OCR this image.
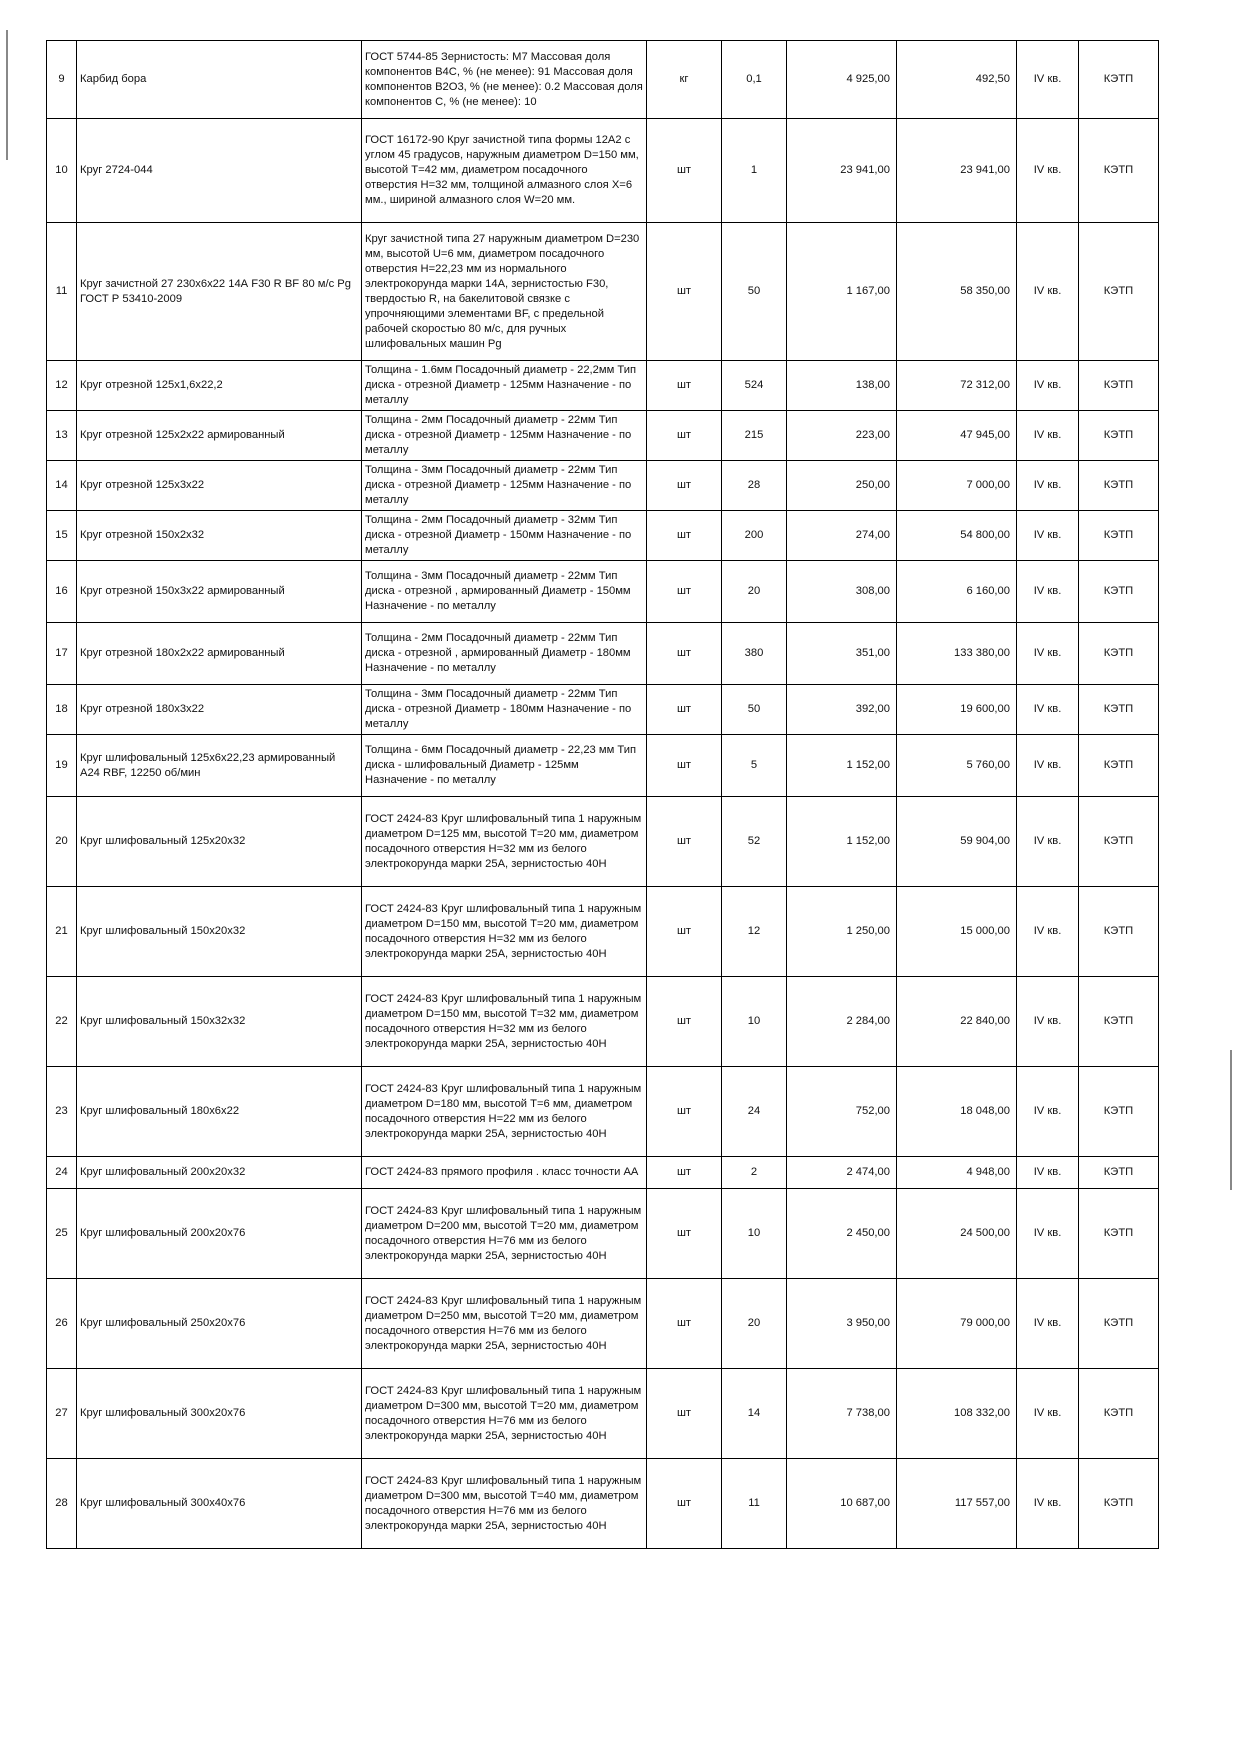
9	Карбид бора	ГОСТ 5744-85 Зернистость: М7 Массовая доля компонентов В4С, % (не менее): 91 Массовая доля компонентов В2О3, % (не менее): 0.2 Массовая доля компонентов С, % (не менее): 10	кг	0,1	4 925,00	492,50	IV кв.	КЭТП
10	Круг 2724-044	ГОСТ 16172-90 Круг зачистной типа формы 12А2 с углом 45 градусов, наружным диаметром D=150 мм, высотой Т=42 мм, диаметром посадочного отверстия Н=32 мм, толщиной алмазного слоя Х=6 мм., шириной алмазного слоя W=20 мм.	шт	1	23 941,00	23 941,00	IV кв.	КЭТП
11	Круг зачистной 27 230х6х22 14А F30 R BF 80 м/с Pg ГОСТ Р 53410-2009	Круг зачистной типа 27 наружным диаметром D=230 мм, высотой U=6 мм, диаметром посадочного отверстия H=22,23 мм из нормального электрокорунда марки 14А, зернистостью F30, твердостью R, на бакелитовой связке с упрочняющими элементами BF, с предельной рабочей скоростью 80 м/с, для ручных шлифовальных машин Pg	шт	50	1 167,00	58 350,00	IV кв.	КЭТП
12	Круг отрезной 125х1,6х22,2	Толщина - 1.6мм Посадочный диаметр - 22,2мм Тип диска - отрезной Диаметр - 125мм Назначение - по металлу	шт	524	138,00	72 312,00	IV кв.	КЭТП
13	Круг отрезной 125х2х22 армированный	Толщина - 2мм Посадочный диаметр - 22мм Тип диска - отрезной Диаметр - 125мм Назначение - по металлу	шт	215	223,00	47 945,00	IV кв.	КЭТП
14	Круг отрезной 125х3х22	Толщина - 3мм Посадочный диаметр - 22мм Тип диска - отрезной Диаметр - 125мм Назначение - по металлу	шт	28	250,00	7 000,00	IV кв.	КЭТП
15	Круг отрезной 150х2х32	Толщина - 2мм Посадочный диаметр - 32мм Тип диска - отрезной Диаметр - 150мм Назначение - по металлу	шт	200	274,00	54 800,00	IV кв.	КЭТП
16	Круг отрезной 150х3х22 армированный	Толщина - 3мм Посадочный диаметр - 22мм Тип диска - отрезной , армированный Диаметр - 150мм Назначение - по металлу	шт	20	308,00	6 160,00	IV кв.	КЭТП
17	Круг отрезной 180х2х22 армированный	Толщина - 2мм Посадочный диаметр - 22мм Тип диска - отрезной , армированный Диаметр - 180мм Назначение - по металлу	шт	380	351,00	133 380,00	IV кв.	КЭТП
18	Круг отрезной 180х3х22	Толщина - 3мм Посадочный диаметр - 22мм Тип диска - отрезной Диаметр - 180мм Назначение - по металлу	шт	50	392,00	19 600,00	IV кв.	КЭТП
19	Круг шлифовальный 125х6х22,23 армированный А24 RBF, 12250 об/мин	Толщина - 6мм Посадочный диаметр - 22,23 мм Тип диска - шлифовальный Диаметр - 125мм Назначение - по металлу	шт	5	1 152,00	5 760,00	IV кв.	КЭТП
20	Круг шлифовальный 125х20х32	ГОСТ 2424-83 Круг шлифовальный типа 1 наружным диаметром D=125 мм, высотой Т=20 мм, диаметром посадочного отверстия Н=32 мм из белого электрокорунда марки 25А, зернистостью 40Н	шт	52	1 152,00	59 904,00	IV кв.	КЭТП
21	Круг шлифовальный 150х20х32	ГОСТ 2424-83 Круг шлифовальный типа 1 наружным диаметром D=150 мм, высотой Т=20 мм, диаметром посадочного отверстия Н=32 мм из белого электрокорунда марки 25А, зернистостью 40Н	шт	12	1 250,00	15 000,00	IV кв.	КЭТП
22	Круг шлифовальный 150х32х32	ГОСТ 2424-83 Круг шлифовальный типа 1 наружным диаметром D=150 мм, высотой Т=32 мм, диаметром посадочного отверстия Н=32 мм из белого электрокорунда марки 25А, зернистостью 40Н	шт	10	2 284,00	22 840,00	IV кв.	КЭТП
23	Круг шлифовальный 180х6х22	ГОСТ 2424-83 Круг шлифовальный типа 1 наружным диаметром D=180 мм, высотой Т=6 мм, диаметром посадочного отверстия Н=22 мм из белого электрокорунда марки 25А, зернистостью 40Н	шт	24	752,00	18 048,00	IV кв.	КЭТП
24	Круг шлифовальный 200х20х32	ГОСТ 2424-83 прямого профиля . класс точности АА	шт	2	2 474,00	4 948,00	IV кв.	КЭТП
25	Круг шлифовальный 200х20х76	ГОСТ 2424-83 Круг шлифовальный типа 1 наружным диаметром D=200 мм, высотой Т=20 мм, диаметром посадочного отверстия Н=76 мм из белого электрокорунда марки 25А, зернистостью 40Н	шт	10	2 450,00	24 500,00	IV кв.	КЭТП
26	Круг шлифовальный 250х20х76	ГОСТ 2424-83 Круг шлифовальный типа 1 наружным диаметром D=250 мм, высотой Т=20 мм, диаметром посадочного отверстия Н=76 мм из белого электрокорунда марки 25А, зернистостью 40Н	шт	20	3 950,00	79 000,00	IV кв.	КЭТП
27	Круг шлифовальный 300х20х76	ГОСТ 2424-83 Круг шлифовальный типа 1 наружным диаметром D=300 мм, высотой Т=20 мм, диаметром посадочного отверстия Н=76 мм из белого электрокорунда марки 25А, зернистостью 40Н	шт	14	7 738,00	108 332,00	IV кв.	КЭТП
28	Круг шлифовальный 300х40х76	ГОСТ 2424-83 Круг шлифовальный типа 1 наружным диаметром D=300 мм, высотой Т=40 мм, диаметром посадочного отверстия Н=76 мм из белого электрокорунда марки 25А, зернистостью 40Н	шт	11	10 687,00	117 557,00	IV кв.	КЭТП
